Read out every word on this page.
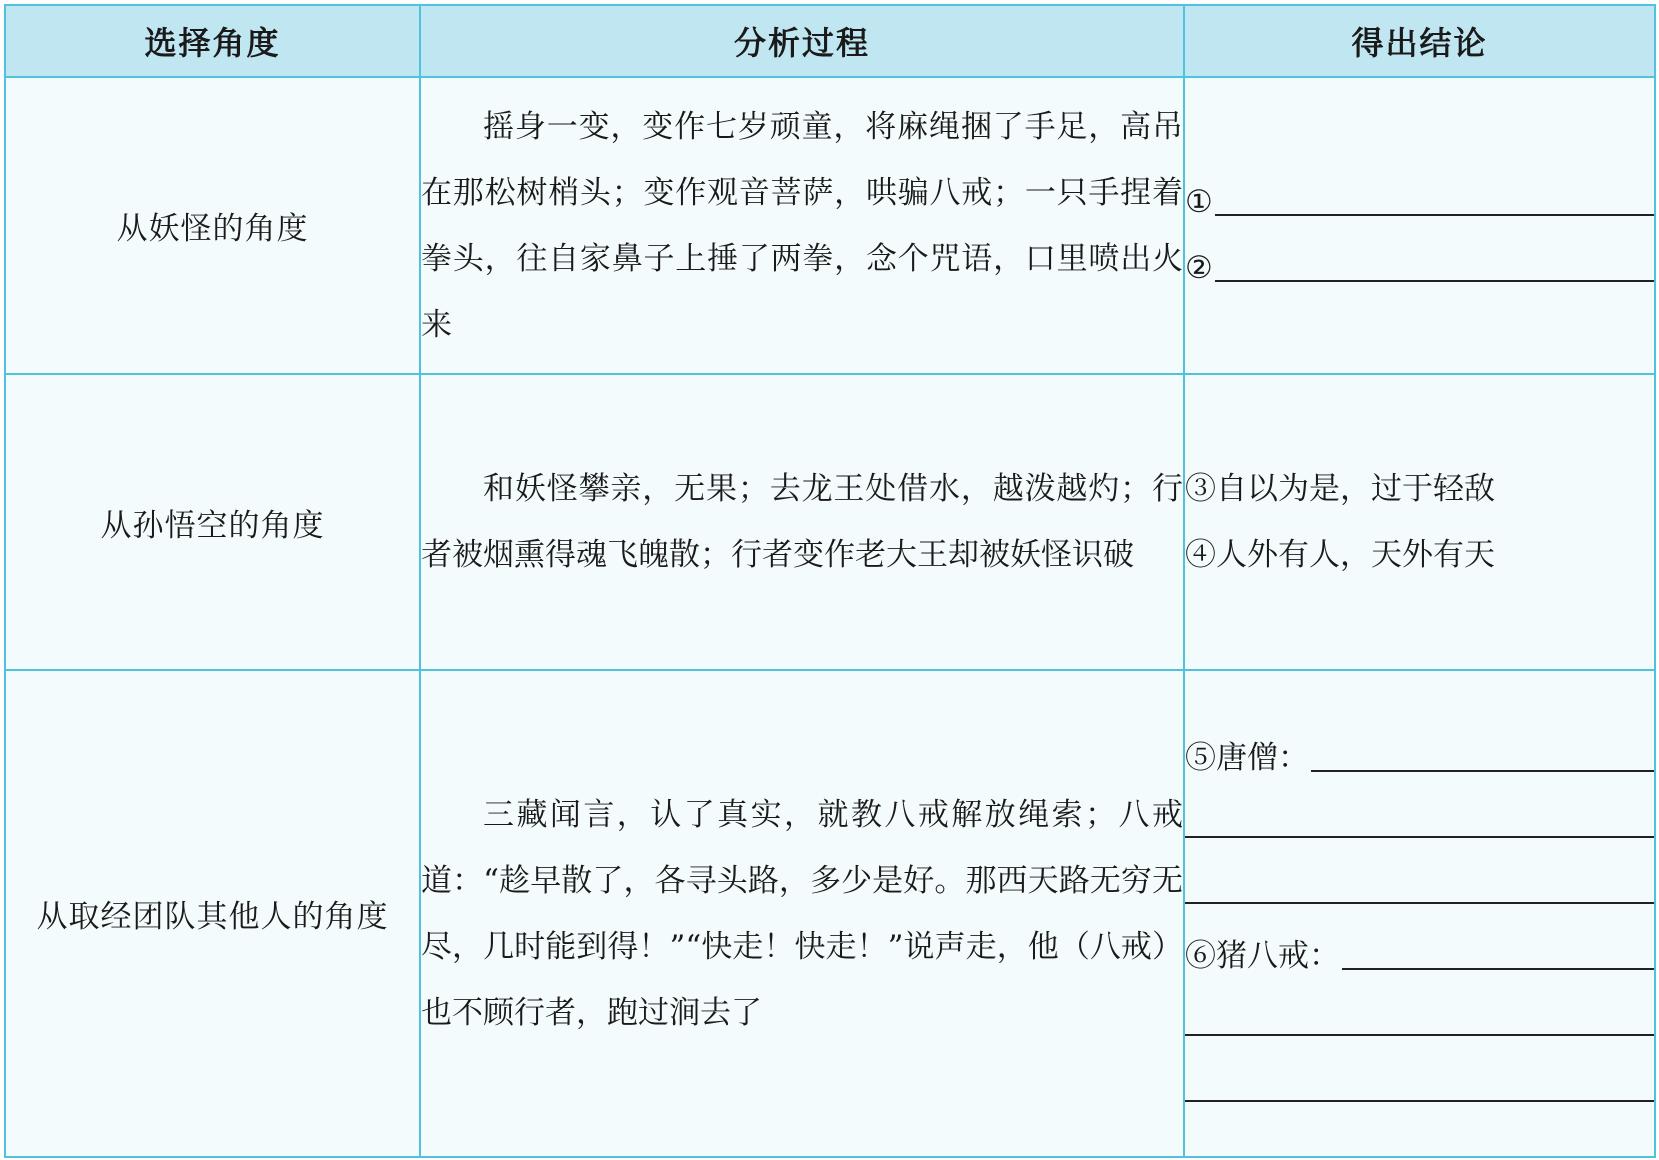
选择角度	分析过程	得出结论
从妖怪的角度	摇身一变，变作七岁顽童，将麻绳捆了手足，高吊在那松树梢头；变作观音菩萨，哄骗八戒；一只手捏着拳头，往自家鼻子上捶了两拳，念个咒语，口里喷出火来	①
②

从孙悟空的角度	和妖怪攀亲，无果；去龙王处借水，越泼越灼；行者被烟熏得魂飞魄散；行者变作老大王却被妖怪识破	③自以为是，过于轻敌
④人外有人，天外有天

从取经团队其他人的角度	三藏闻言，认了真实，就教八戒解放绳索；八戒道：“趁早散了，各寻头路，多少是好。那西天路无穷无尽，几时能到得！”“快走！快走！”说声走，他（八戒）也不顾行者，跑过涧去了	⑤唐僧：
⑥猪八戒：
